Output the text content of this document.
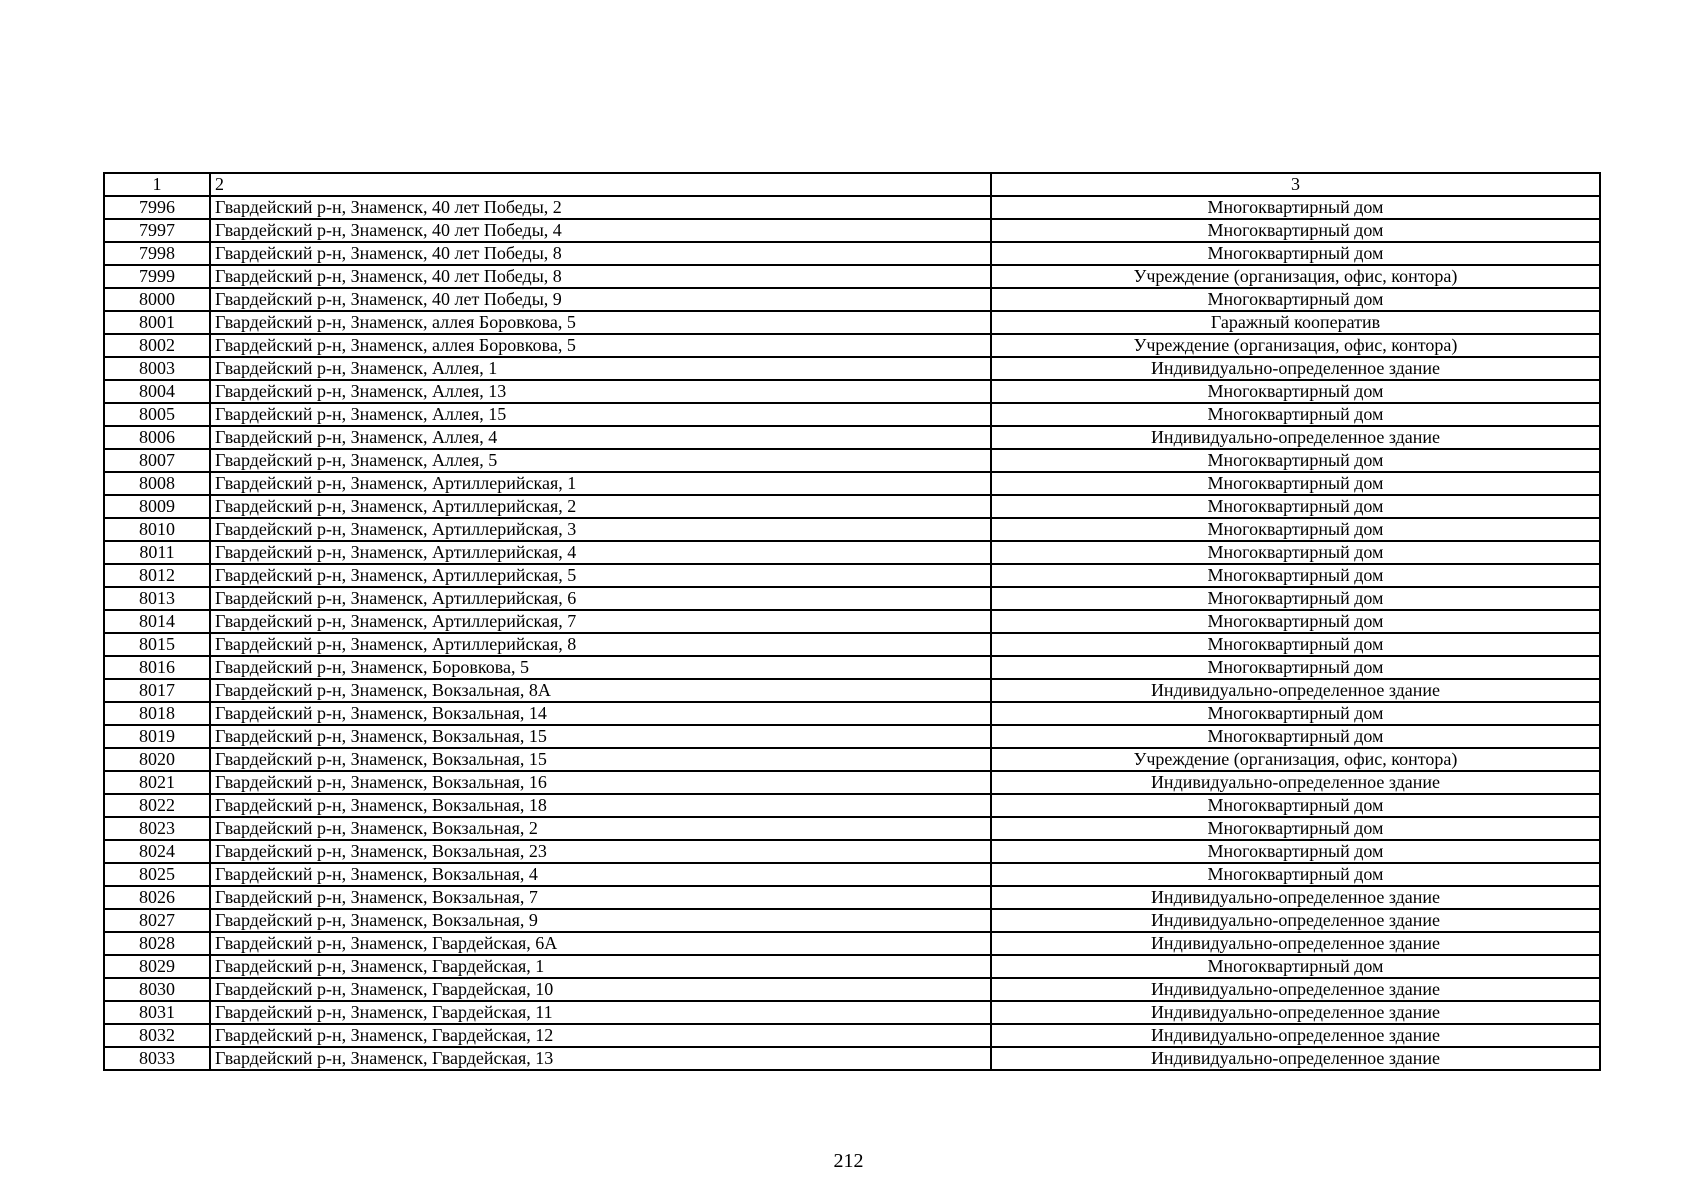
1	2	3
7996	Гвардейский р-н, Знаменск, 40 лет Победы, 2	Многоквартирный дом
7997	Гвардейский р-н, Знаменск, 40 лет Победы, 4	Многоквартирный дом
7998	Гвардейский р-н, Знаменск, 40 лет Победы, 8	Многоквартирный дом
7999	Гвардейский р-н, Знаменск, 40 лет Победы, 8	Учреждение (организация, офис, контора)
8000	Гвардейский р-н, Знаменск, 40 лет Победы, 9	Многоквартирный дом
8001	Гвардейский р-н, Знаменск, аллея Боровкова, 5	Гаражный кооператив
8002	Гвардейский р-н, Знаменск, аллея Боровкова, 5	Учреждение (организация, офис, контора)
8003	Гвардейский р-н, Знаменск, Аллея, 1	Индивидуально-определенное здание
8004	Гвардейский р-н, Знаменск, Аллея, 13	Многоквартирный дом
8005	Гвардейский р-н, Знаменск, Аллея, 15	Многоквартирный дом
8006	Гвардейский р-н, Знаменск, Аллея, 4	Индивидуально-определенное здание
8007	Гвардейский р-н, Знаменск, Аллея, 5	Многоквартирный дом
8008	Гвардейский р-н, Знаменск, Артиллерийская, 1	Многоквартирный дом
8009	Гвардейский р-н, Знаменск, Артиллерийская, 2	Многоквартирный дом
8010	Гвардейский р-н, Знаменск, Артиллерийская, 3	Многоквартирный дом
8011	Гвардейский р-н, Знаменск, Артиллерийская, 4	Многоквартирный дом
8012	Гвардейский р-н, Знаменск, Артиллерийская, 5	Многоквартирный дом
8013	Гвардейский р-н, Знаменск, Артиллерийская, 6	Многоквартирный дом
8014	Гвардейский р-н, Знаменск, Артиллерийская, 7	Многоквартирный дом
8015	Гвардейский р-н, Знаменск, Артиллерийская, 8	Многоквартирный дом
8016	Гвардейский р-н, Знаменск, Боровкова, 5	Многоквартирный дом
8017	Гвардейский р-н, Знаменск, Вокзальная, 8А	Индивидуально-определенное здание
8018	Гвардейский р-н, Знаменск, Вокзальная, 14	Многоквартирный дом
8019	Гвардейский р-н, Знаменск, Вокзальная, 15	Многоквартирный дом
8020	Гвардейский р-н, Знаменск, Вокзальная, 15	Учреждение (организация, офис, контора)
8021	Гвардейский р-н, Знаменск, Вокзальная, 16	Индивидуально-определенное здание
8022	Гвардейский р-н, Знаменск, Вокзальная, 18	Многоквартирный дом
8023	Гвардейский р-н, Знаменск, Вокзальная, 2	Многоквартирный дом
8024	Гвардейский р-н, Знаменск, Вокзальная, 23	Многоквартирный дом
8025	Гвардейский р-н, Знаменск, Вокзальная, 4	Многоквартирный дом
8026	Гвардейский р-н, Знаменск, Вокзальная, 7	Индивидуально-определенное здание
8027	Гвардейский р-н, Знаменск, Вокзальная, 9	Индивидуально-определенное здание
8028	Гвардейский р-н, Знаменск, Гвардейская, 6А	Индивидуально-определенное здание
8029	Гвардейский р-н, Знаменск, Гвардейская, 1	Многоквартирный дом
8030	Гвардейский р-н, Знаменск, Гвардейская, 10	Индивидуально-определенное здание
8031	Гвардейский р-н, Знаменск, Гвардейская, 11	Индивидуально-определенное здание
8032	Гвардейский р-н, Знаменск, Гвардейская, 12	Индивидуально-определенное здание
8033	Гвардейский р-н, Знаменск, Гвардейская, 13	Индивидуально-определенное здание
212
